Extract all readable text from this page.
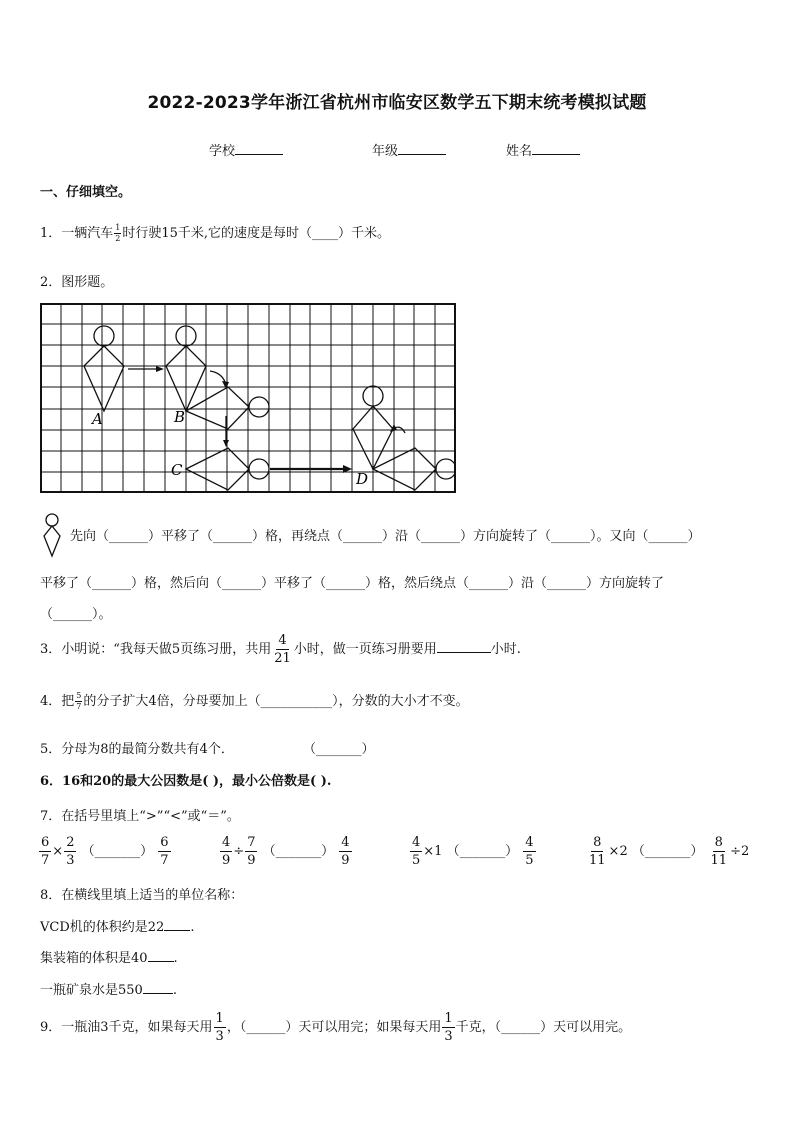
2022-2023学年浙江省杭州市临安区数学五下期末统考模拟试题
学校	年级	姓名
一、仔细填空。
1．一辆汽车 $\frac{1}{2}$ 时行驶15千米,它的速度是每时（____）千米。
2．图形题。
A	B
C	D
先向（______）平移了（______）格，再绕点（______）沿（______）方向旋转了（______）。又向（______）
平移了（______）格，然后向（______）平移了（______）格，然后绕点（______）沿（______）方向旋转了
（______）。
3．小明说：“我每天做5页练习册，共用 $\frac{4}{21}$ 小时，做一页练习册要用	小时.
4．把 $\frac{5}{7}$ 的分子扩大4倍，分母要加上（___________），分数的大小才不变。
5．分母为8的最简分数共有4个．	（_______）
6．16和20的最大公因数是( )，最小公倍数是( ).
7．在括号里填上“>”“<”或“＝”。
$\frac{6}{7} \times \frac{2}{3}$ （_______） $\frac{6}{7}$	$\frac{4}{9} \div \frac{7}{9}$ （_______） $\frac{4}{9}$	$\frac{4}{5} \times 1$ （_______） $\frac{4}{5}$	$\frac{8}{11} \times 2$ （_______） $\frac{8}{11} \div 2$
8．在横线里填上适当的单位名称：
VCD机的体积约是22 .
集装箱的体积是40 .
一瓶矿泉水是550 .
9．一瓶油3千克，如果每天用 $\frac{1}{3}$ ，（______）天可以用完；如果每天用 $\frac{1}{3}$ 千克，（______）天可以用完。
